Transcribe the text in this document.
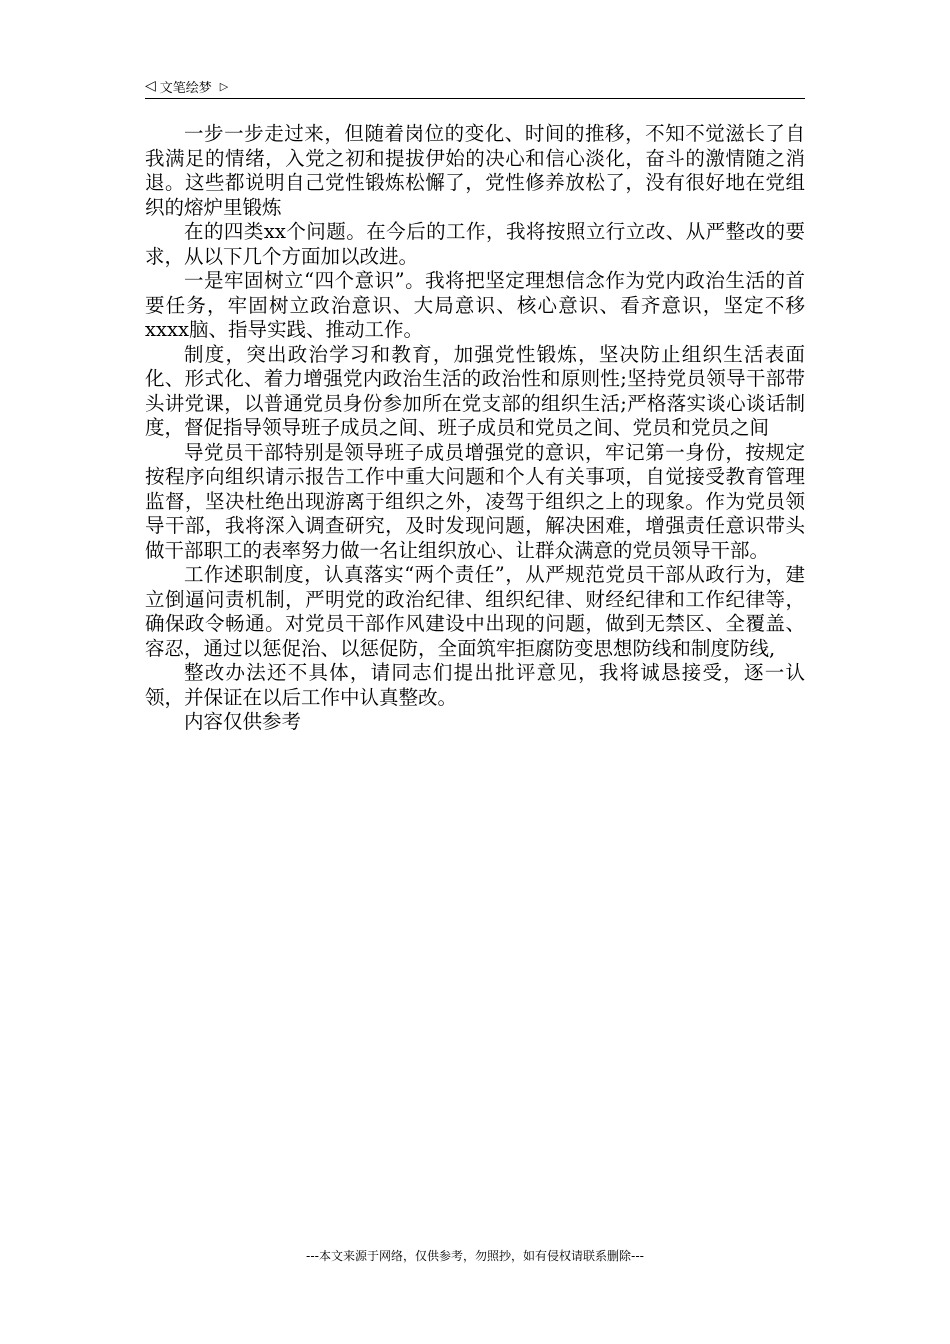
◁ 文笔绘梦 ▷

一步一步走过来，但随着岗位的变化、时间的推移，不知不觉滋长了自我满足的情绪，入党之初和提拔伊始的决心和信心淡化，奋斗的激情随之消退。这些都说明自己党性锻炼松懈了，党性修养放松了，没有很好地在党组织的熔炉里锻炼

在的四类xx个问题。在今后的工作，我将按照立行立改、从严整改的要求，从以下几个方面加以改进。

一是牢固树立“四个意识”。我将把坚定理想信念作为党内政治生活的首要任务，牢固树立政治意识、大局意识、核心意识、看齐意识，坚定不移xxxx脑、指导实践、推动工作。

制度，突出政治学习和教育，加强党性锻炼，坚决防止组织生活表面化、形式化、着力增强党内政治生活的政治性和原则性;坚持党员领导干部带头讲党课，以普通党员身份参加所在党支部的组织生活;严格落实谈心谈话制度，督促指导领导班子成员之间、班子成员和党员之间、党员和党员之间

导党员干部特别是领导班子成员增强党的意识，牢记第一身份，按规定按程序向组织请示报告工作中重大问题和个人有关事项，自觉接受教育管理监督，坚决杜绝出现游离于组织之外，凌驾于组织之上的现象。作为党员领导干部，我将深入调查研究，及时发现问题，解决困难，增强责任意识带头做干部职工的表率努力做一名让组织放心、让群众满意的党员领导干部。

工作述职制度，认真落实“两个责任”，从严规范党员干部从政行为，建立倒逼问责机制，严明党的政治纪律、组织纪律、财经纪律和工作纪律等，确保政令畅通。对党员干部作风建设中出现的问题，做到无禁区、全覆盖、容忍，通过以惩促治、以惩促防，全面筑牢拒腐防变思想防线和制度防线,

整改办法还不具体，请同志们提出批评意见，我将诚恳接受，逐一认领，并保证在以后工作中认真整改。

内容仅供参考

---本文来源于网络，仅供参考，勿照抄，如有侵权请联系删除---
